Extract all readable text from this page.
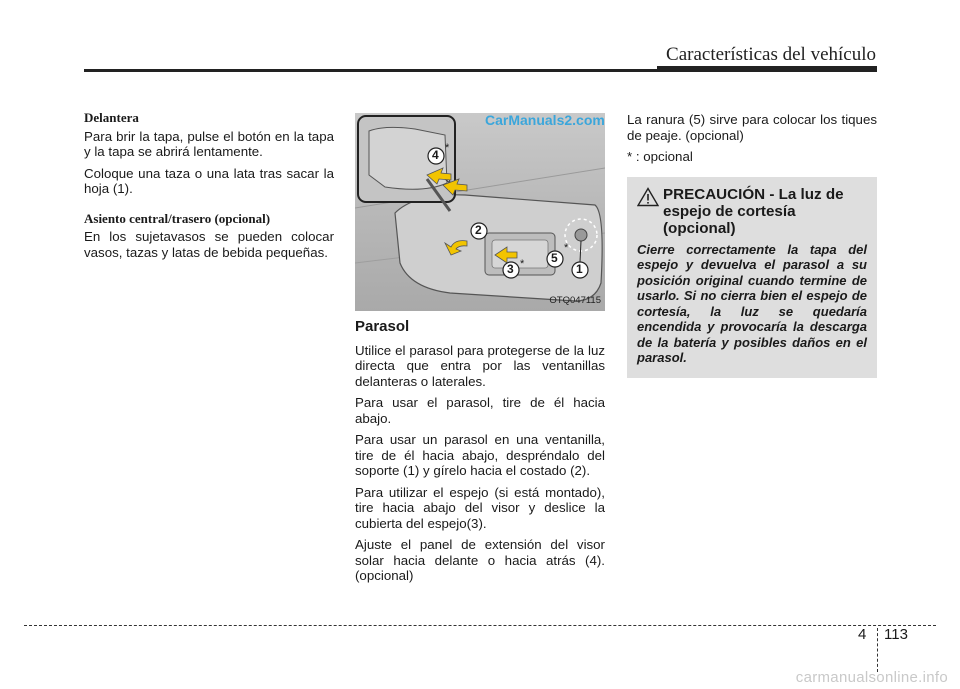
Características del vehículo
Delantera

Para brir la tapa, pulse el botón en la tapa y la tapa se abrirá lentamente.

Coloque una taza o una lata tras sacar la hoja (1).

Asiento central/trasero (opcional)

En los sujetavasos se pueden colocar vasos, tazas y latas de bebida pequeñas.

CarManuals2.com
4 *
2
3 * 5
*
1
OTQ047115
Parasol

Utilice el parasol para protegerse de la luz directa que entra por las ventanillas delanteras o laterales.

Para usar el parasol, tire de él hacia abajo.

Para usar un parasol en una ventanilla, tire de él hacia abajo, despréndalo del soporte (1) y gírelo hacia el costado (2).

Para utilizar el espejo (si está montado), tire hacia abajo del visor y deslice la cubierta del espejo(3).

Ajuste el panel de extensión del visor solar hacia delante o hacia atrás (4). (opcional)

La ranura (5) sirve para colocar los tiques de peaje. (opcional)

* : opcional

PRECAUCIÓN - La luz de espejo de cortesía (opcional)
Cierre correctamente la tapa del espejo y devuelva el parasol a su posición original cuando termine de usarlo. Si no cierra bien el espejo de cortesía, la luz se quedaría encendida y provocaría la descarga de la batería y posibles daños en el parasol.
4 113
carmanualsonline.info
